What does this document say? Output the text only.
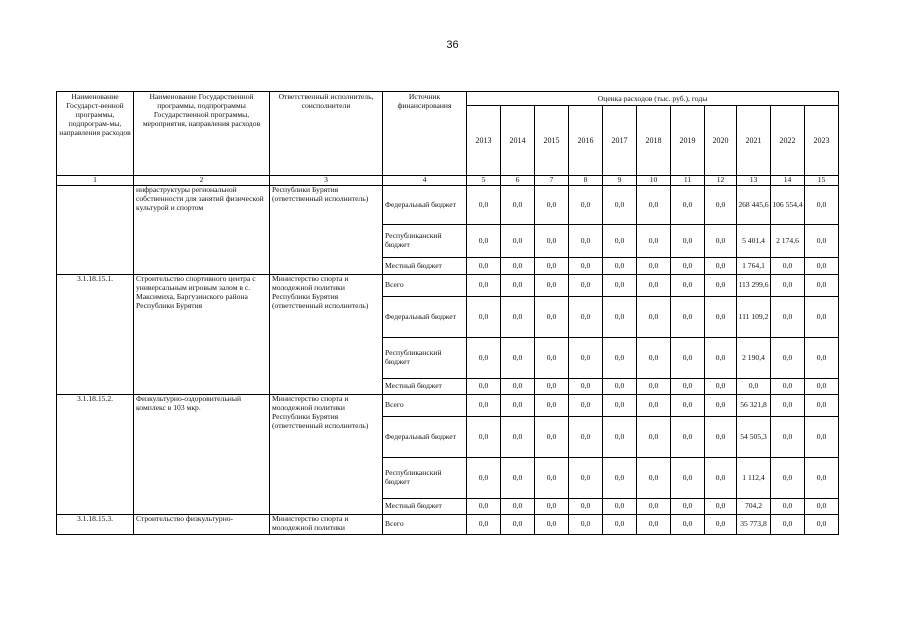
36
Наименование Государст-венной программы, подпрограм-мы, направления расходов	Наименование Государственной программы, подпрограммы Государственной программы, мероприятия, направления расходов	Ответственный исполнитель, соисполнители	Источник финансирования	Оценка расходов (тыс. руб.), годы										
				2013	2014	2015	2016	2017	2018	2019	2020	2021	2022	2023
1	2	3	4	5	6	7	8	9	10	11	12	13	14	15
	инфраструктуры региональной собственности для занятий физической культурой и спортом	Республики Бурятия (ответственный исполнитель)	Федеральный бюджет	0,0	0,0	0,0	0,0	0,0	0,0	0,0	0,0	268 445,6	106 554,4	0,0
			Республиканский бюджет	0,0	0,0	0,0	0,0	0,0	0,0	0,0	0,0	5 401,4	2 174,6	0,0
			Местный бюджет	0,0	0,0	0,0	0,0	0,0	0,0	0,0	0,0	1 764,1	0,0	0,0
3.1.18.15.1.	Строительство спортивного центра с универсальным игровым залом в с. Максимиха, Баргузинского района Республики Бурятия	Министерство спорта и молодежной политики Республики Бурятия (ответственный исполнитель)	Всего	0,0	0,0	0,0	0,0	0,0	0,0	0,0	0,0	113 299,6	0,0	0,0
			Федеральный бюджет	0,0	0,0	0,0	0,0	0,0	0,0	0,0	0,0	111 109,2	0,0	0,0
			Республиканский бюджет	0,0	0,0	0,0	0,0	0,0	0,0	0,0	0,0	2 190,4	0,0	0,0
			Местный бюджет	0,0	0,0	0,0	0,0	0,0	0,0	0,0	0,0	0,0	0,0	0,0
3.1.18.15.2.	Физкультурно-оздоровительный комплекс в 103 мкр.	Министерство спорта и молодежной политики Республики Бурятия (ответственный исполнитель)	Всего	0,0	0,0	0,0	0,0	0,0	0,0	0,0	0,0	56 321,8	0,0	0,0
			Федеральный бюджет	0,0	0,0	0,0	0,0	0,0	0,0	0,0	0,0	54 505,3	0,0	0,0
			Республиканский бюджет	0,0	0,0	0,0	0,0	0,0	0,0	0,0	0,0	1 112,4	0,0	0,0
			Местный бюджет	0,0	0,0	0,0	0,0	0,0	0,0	0,0	0,0	704,2	0,0	0,0
3.1.18.15.3.	Строительство физкультурно-	Министерство спорта и молодежной политики	Всего	0,0	0,0	0,0	0,0	0,0	0,0	0,0	0,0	35 773,8	0,0	0,0
